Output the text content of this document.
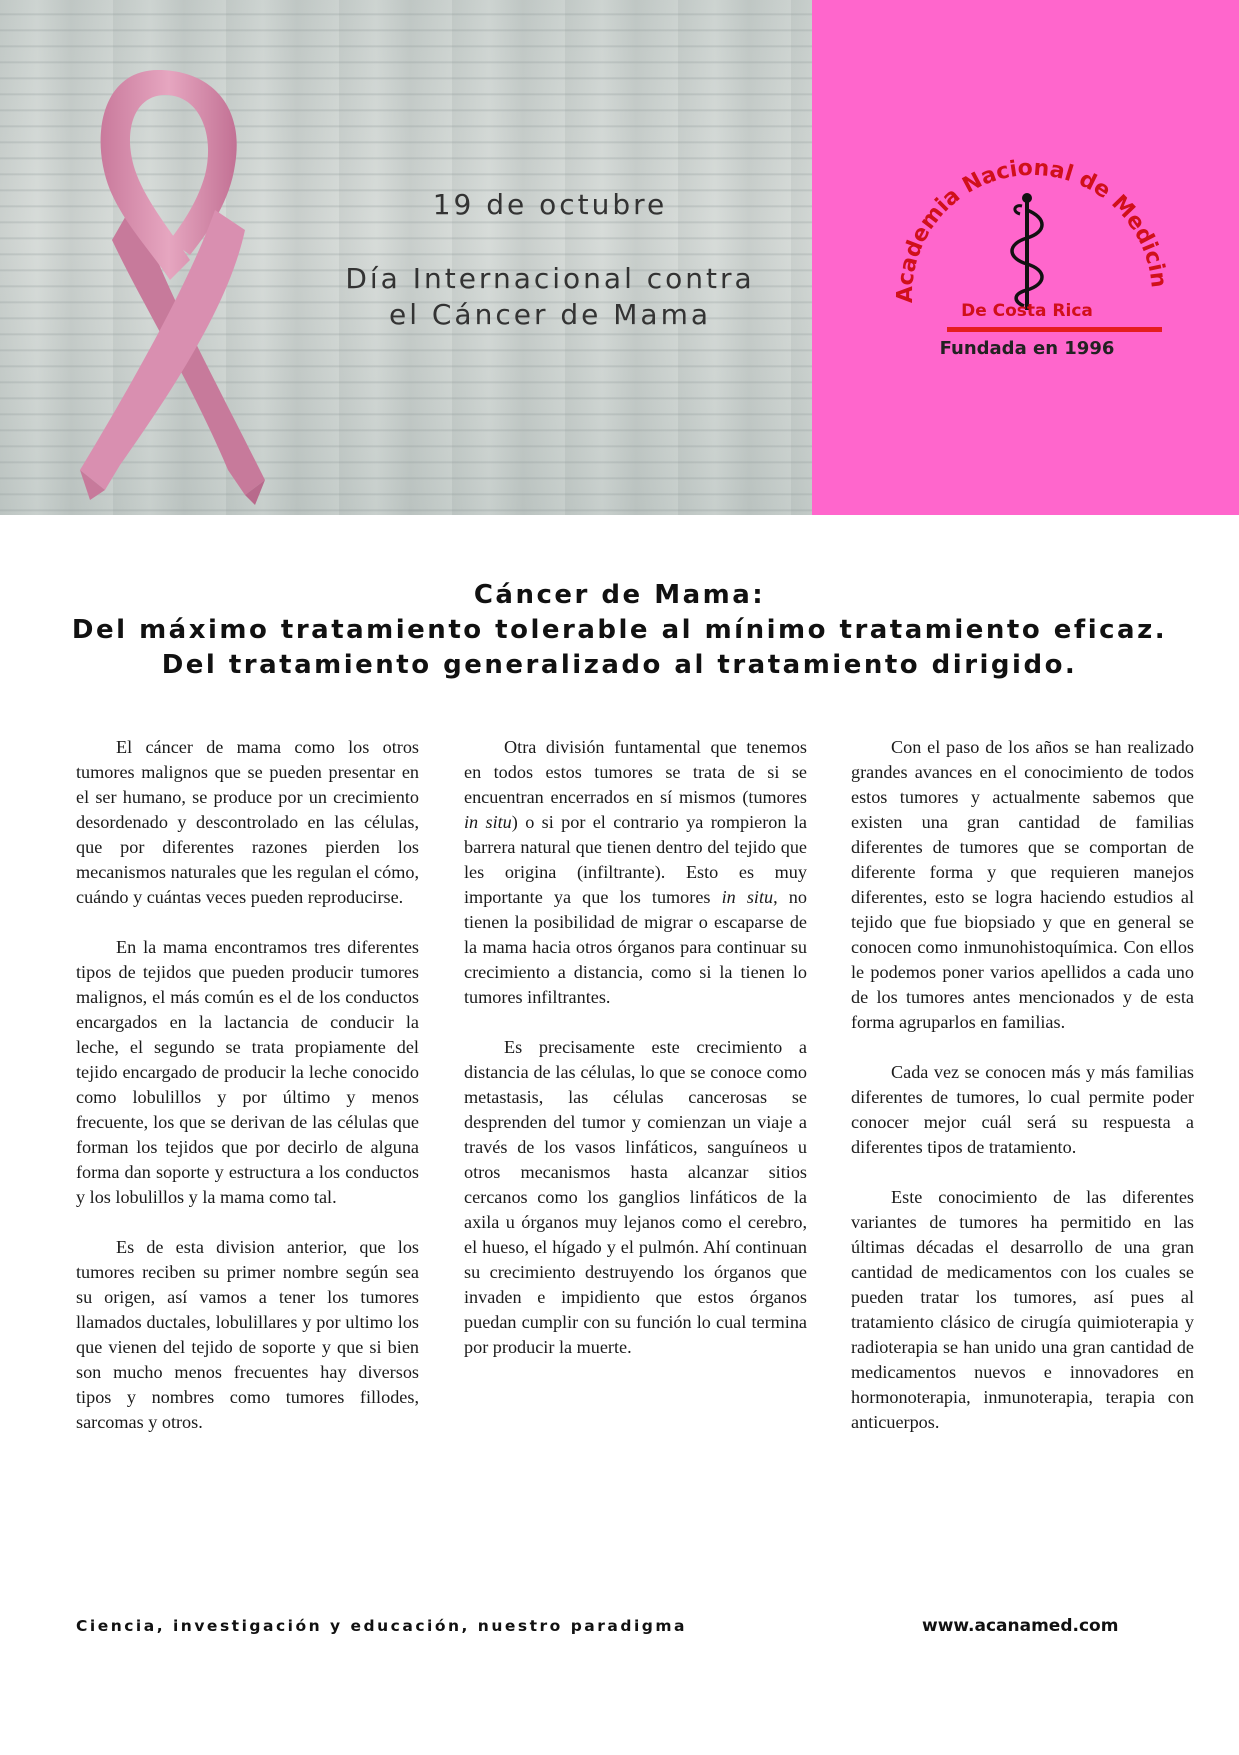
19 de octubre
Día Internacional contra
el Cáncer de Mama
Academia Nacional de Medicin
De Costa Rica
Fundada en 1996
Cáncer de Mama:
Del máximo tratamiento tolerable al mínimo tratamiento eficaz.
Del tratamiento generalizado al tratamiento dirigido.

El cáncer de mama como los otros tumores malignos que se pueden presentar en el ser humano, se produce por un crecimiento desordenado y descontrolado en las células, que por diferentes razones pierden los mecanismos naturales que les regulan el cómo, cuándo y cuántas veces pueden reproducirse.

En la mama encontramos tres diferentes tipos de tejidos que pueden producir tumores malignos, el más común es el de los conductos encargados en la lactancia de conducir la leche, el segundo se trata propiamente del tejido encargado de producir la leche conocido como lobulillos y por último y menos frecuente, los que se derivan de las células que forman los tejidos que por decirlo de alguna forma dan soporte y estructura a los conductos y los lobulillos y la mama como tal.

Es de esta division anterior, que los tumores reciben su primer nombre según sea su origen, así vamos a tener los tumores llamados ductales, lobulillares y por ultimo los que vienen del tejido de soporte y que si bien son mucho menos frecuentes hay diversos tipos y nombres como tumores fillodes, sarcomas y otros.

Otra división funtamental que tenemos en todos estos tumores se trata de si se encuentran encerrados en sí mismos (tumores in situ) o si por el contrario ya rompieron la barrera natural que tienen dentro del tejido que les origina (infiltrante). Esto es muy importante ya que los tumores in situ, no tienen la posibilidad de migrar o escaparse de la mama hacia otros órganos para continuar su crecimiento a distancia, como si la tienen lo tumores infiltrantes.

Es precisamente este crecimiento a distancia de las células, lo que se conoce como metastasis, las células cancerosas se desprenden del tumor y comienzan un viaje a través de los vasos linfáticos, sanguíneos u otros mecanismos hasta alcanzar sitios cercanos como los ganglios linfáticos de la axila u órganos muy lejanos como el cerebro, el hueso, el hígado y el pulmón. Ahí continuan su crecimiento destruyendo los órganos que invaden e impidiento que estos órganos puedan cumplir con su función lo cual termina por producir la muerte.

Con el paso de los años se han realizado grandes avances en el conocimiento de todos estos tumores y actualmente sabemos que existen una gran cantidad de familias diferentes de tumores que se comportan de diferente forma y que requieren manejos diferentes, esto se logra haciendo estudios al tejido que fue biopsiado y que en general se conocen como inmunohistoquímica. Con ellos le podemos poner varios apellidos a cada uno de los tumores antes mencionados y de esta forma agruparlos en familias.

Cada vez se conocen más y más familias diferentes de tumores, lo cual permite poder conocer mejor cuál será su respuesta a diferentes tipos de tratamiento.

Este conocimiento de las diferentes variantes de tumores ha permitido en las últimas décadas el desarrollo de una gran cantidad de medicamentos con los cuales se pueden tratar los tumores, así pues al tratamiento clásico de cirugía quimioterapia y radioterapia se han unido una gran cantidad de medicamentos nuevos e innovadores en hormonoterapia, inmunoterapia, terapia con anticuerpos.

Ciencia, investigación y educación, nuestro paradigma	www.acanamed.com
